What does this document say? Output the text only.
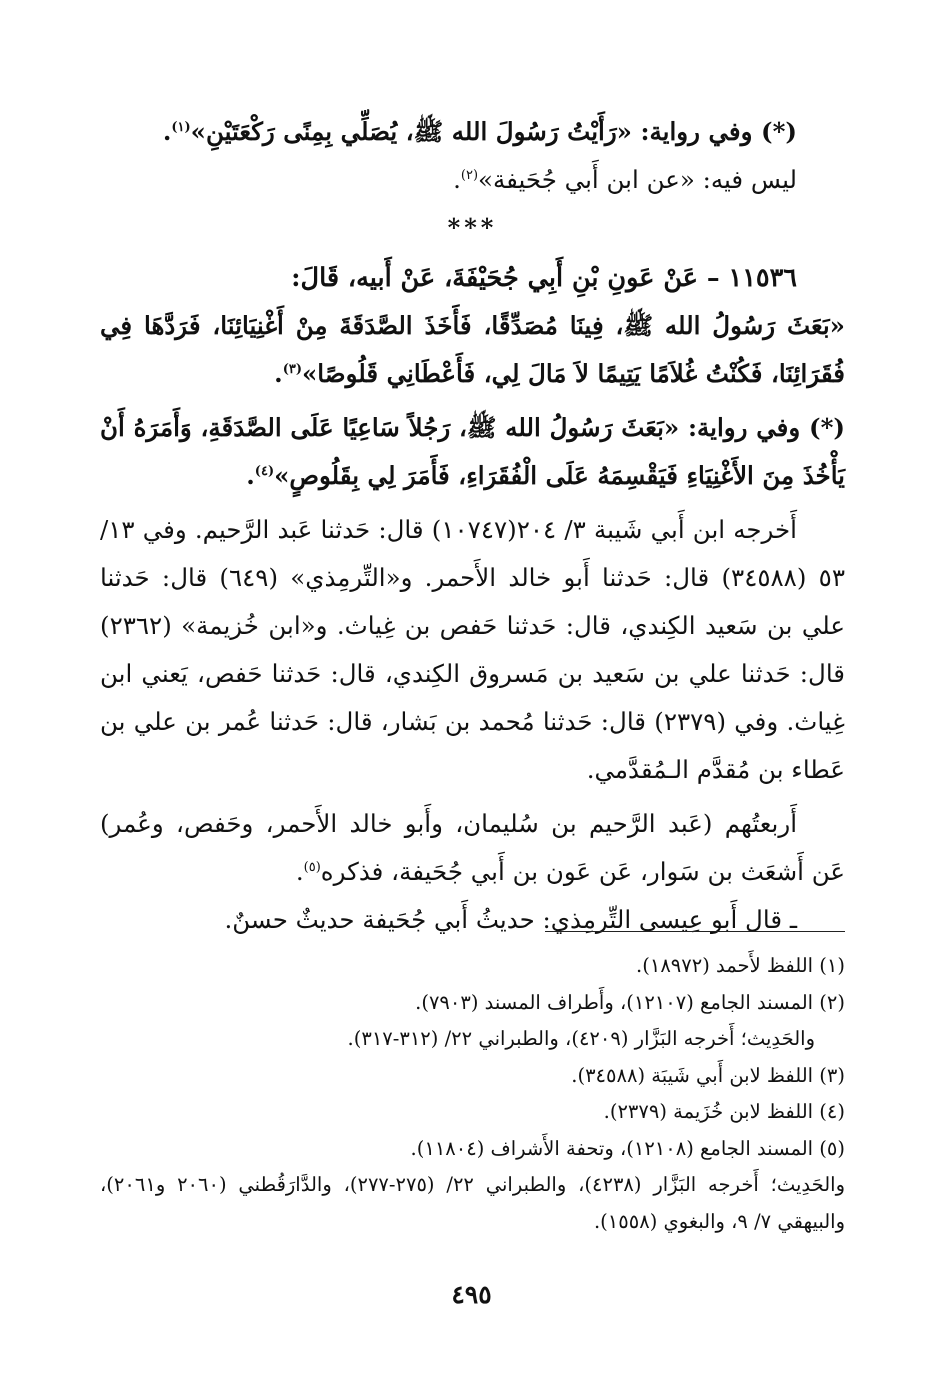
(*) وفي رواية: «رَأَيْتُ رَسُولَ الله ﷺ، يُصَلِّي بِمِنًى رَكْعَتَيْنِ»$^{(١)}$.

ليس فيه: «عن ابن أَبي جُحَيفة»$^{(٢)}$.

***

١١٥٣٦ – عَنْ عَونِ بْنِ أَبِي جُحَيْفَةَ، عَنْ أَبيه، قَالَ:

«بَعَثَ رَسُولُ الله ﷺ، فِينَا مُصَدِّقًا، فَأَخَذَ الصَّدَقَةَ مِنْ أَغْنِيَائِنَا، فَرَدَّهَا فِي فُقَرَائِنَا، فَكُنْتُ غُلاَمًا يَتِيمًا لاَ مَالَ لِي، فَأَعْطَانِي قَلُوصًا»$^{(٣)}$.

(*) وفي رواية: «بَعَثَ رَسُولُ الله ﷺ، رَجُلاً سَاعِيًا عَلَى الصَّدَقَةِ، وَأَمَرَهُ أَنْ يَأْخُذَ مِنَ الأَغْنِيَاءِ فَيَقْسِمَهُ عَلَى الْفُقَرَاءِ، فَأَمَرَ لِي بِقَلُوصٍ»$^{(٤)}$.

أَخرجه ابن أَبي شَيبة ٣/ ٢٠٤(١٠٧٤٧) قال: حَدثنا عَبد الرَّحيم. وفي ١٣/ ٥٣ (٣٤٥٨٨) قال: حَدثنا أَبو خالد الأَحمر. و«التِّرمِذي» (٦٤٩) قال: حَدثنا علي بن سَعيد الكِندي، قال: حَدثنا حَفص بن غِياث. و«ابن خُزيمة» (٢٣٦٢) قال: حَدثنا علي بن سَعيد بن مَسروق الكِندي، قال: حَدثنا حَفص، يَعني ابن غِياث. وفي (٢٣٧٩) قال: حَدثنا مُحمد بن بَشار، قال: حَدثنا عُمر بن علي بن عَطاء بن مُقدَّم الـمُقدَّمي.

أَربعتُهم (عَبد الرَّحيم بن سُليمان، وأَبو خالد الأَحمر، وحَفص، وعُمر) عَن أَشعَث بن سَوار، عَن عَون بن أَبي جُحَيفة، فذكره$^{(٥)}$.

ـ قال أَبو عِيسى التِّرمِذي: حديثُ أَبي جُحَيفة حديثٌ حسنٌ.

(١) اللفظ لأَحمد (١٨٩٧٢).

(٢) المسند الجامع (١٢١٠٧)، وأَطراف المسند (٧٩٠٣).

والحَدِيث؛ أَخرجه البَزَّار (٤٢٠٩)، والطبراني ٢٢/ (٣١٢-٣١٧).

(٣) اللفظ لابن أَبي شَيبَة (٣٤٥٨٨).

(٤) اللفظ لابن خُزَيمة (٢٣٧٩).

(٥) المسند الجامع (١٢١٠٨)، وتحفة الأَشراف (١١٨٠٤).

والحَدِيث؛ أَخرجه البَزَّار (٤٢٣٨)، والطبراني ٢٢/ (٢٧٥-٢٧٧)، والدَّارَقُطني (٢٠٦٠ و٢٠٦١)، والبيهقي ٧/ ٩، والبغوي (١٥٥٨).

٤٩٥
